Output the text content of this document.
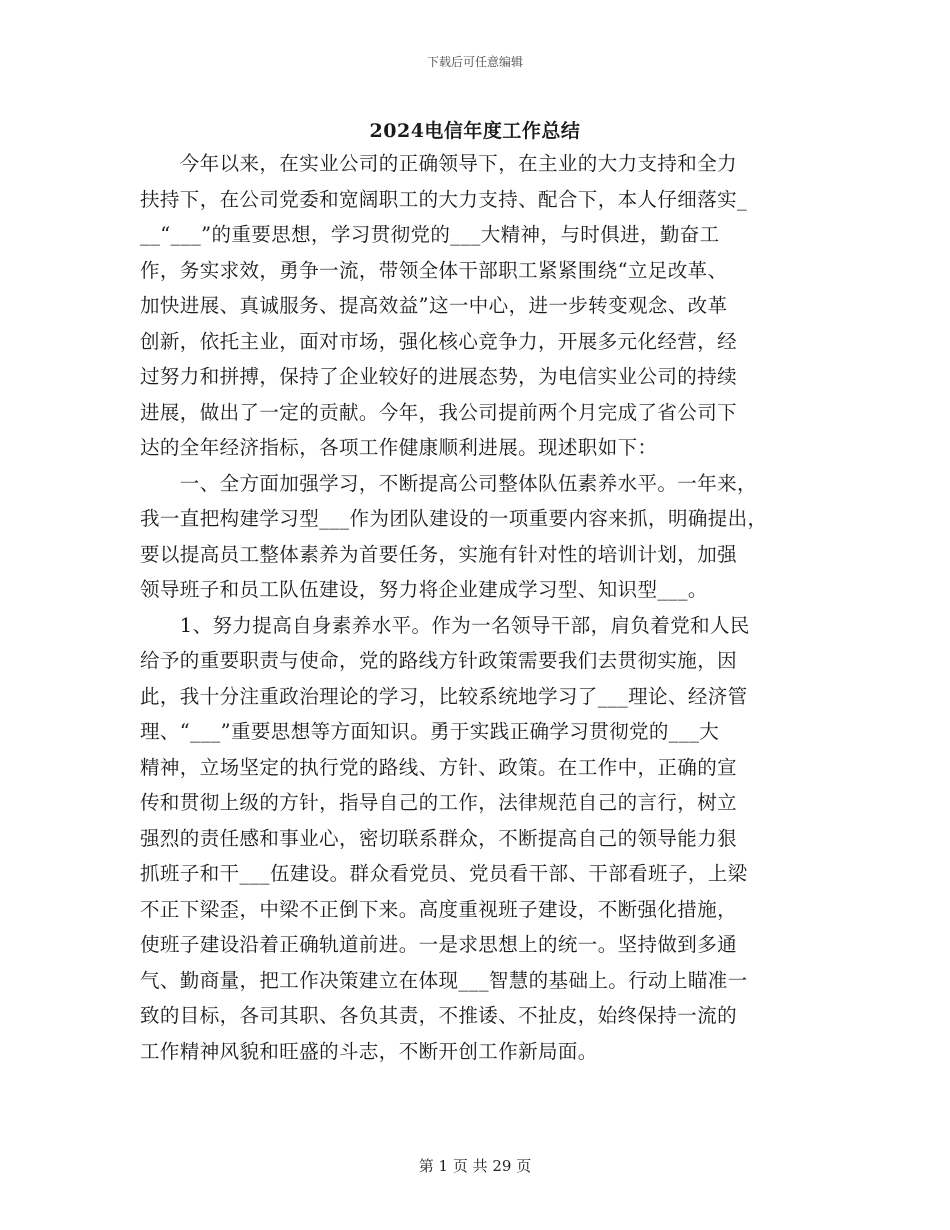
下载后可任意编辑
2024电信年度工作总结
　　今年以来，在实业公司的正确领导下，在主业的大力支持和全力
扶持下，在公司党委和宽阔职工的大力支持、配合下，本人仔细落实_
__“___”的重要思想，学习贯彻党的___大精神，与时俱进，勤奋工
作，务实求效，勇争一流，带领全体干部职工紧紧围绕“立足改革、
加快进展、真诚服务、提高效益”这一中心，进一步转变观念、改革
创新，依托主业，面对市场，强化核心竞争力，开展多元化经营，经
过努力和拼搏，保持了企业较好的进展态势，为电信实业公司的持续
进展，做出了一定的贡献。今年，我公司提前两个月完成了省公司下
达的全年经济指标，各项工作健康顺利进展。现述职如下：
　　一、全方面加强学习，不断提高公司整体队伍素养水平。一年来，
我一直把构建学习型___作为团队建设的一项重要内容来抓，明确提出，
要以提高员工整体素养为首要任务，实施有针对性的培训计划，加强
领导班子和员工队伍建设，努力将企业建成学习型、知识型___。
　　1、努力提高自身素养水平。作为一名领导干部，肩负着党和人民
给予的重要职责与使命，党的路线方针政策需要我们去贯彻实施，因
此，我十分注重政治理论的学习，比较系统地学习了___理论、经济管
理、“___”重要思想等方面知识。勇于实践正确学习贯彻党的___大
精神，立场坚定的执行党的路线、方针、政策。在工作中，正确的宣
传和贯彻上级的方针，指导自己的工作，法律规范自己的言行，树立
强烈的责任感和事业心，密切联系群众，不断提高自己的领导能力狠
抓班子和干___伍建设。群众看党员、党员看干部、干部看班子，上梁
不正下梁歪，中梁不正倒下来。高度重视班子建设，不断强化措施，
使班子建设沿着正确轨道前进。一是求思想上的统一。坚持做到多通
气、勤商量，把工作决策建立在体现___智慧的基础上。行动上瞄准一
致的目标，各司其职、各负其责，不推诿、不扯皮，始终保持一流的
工作精神风貌和旺盛的斗志，不断开创工作新局面。
第 1 页 共 29 页
